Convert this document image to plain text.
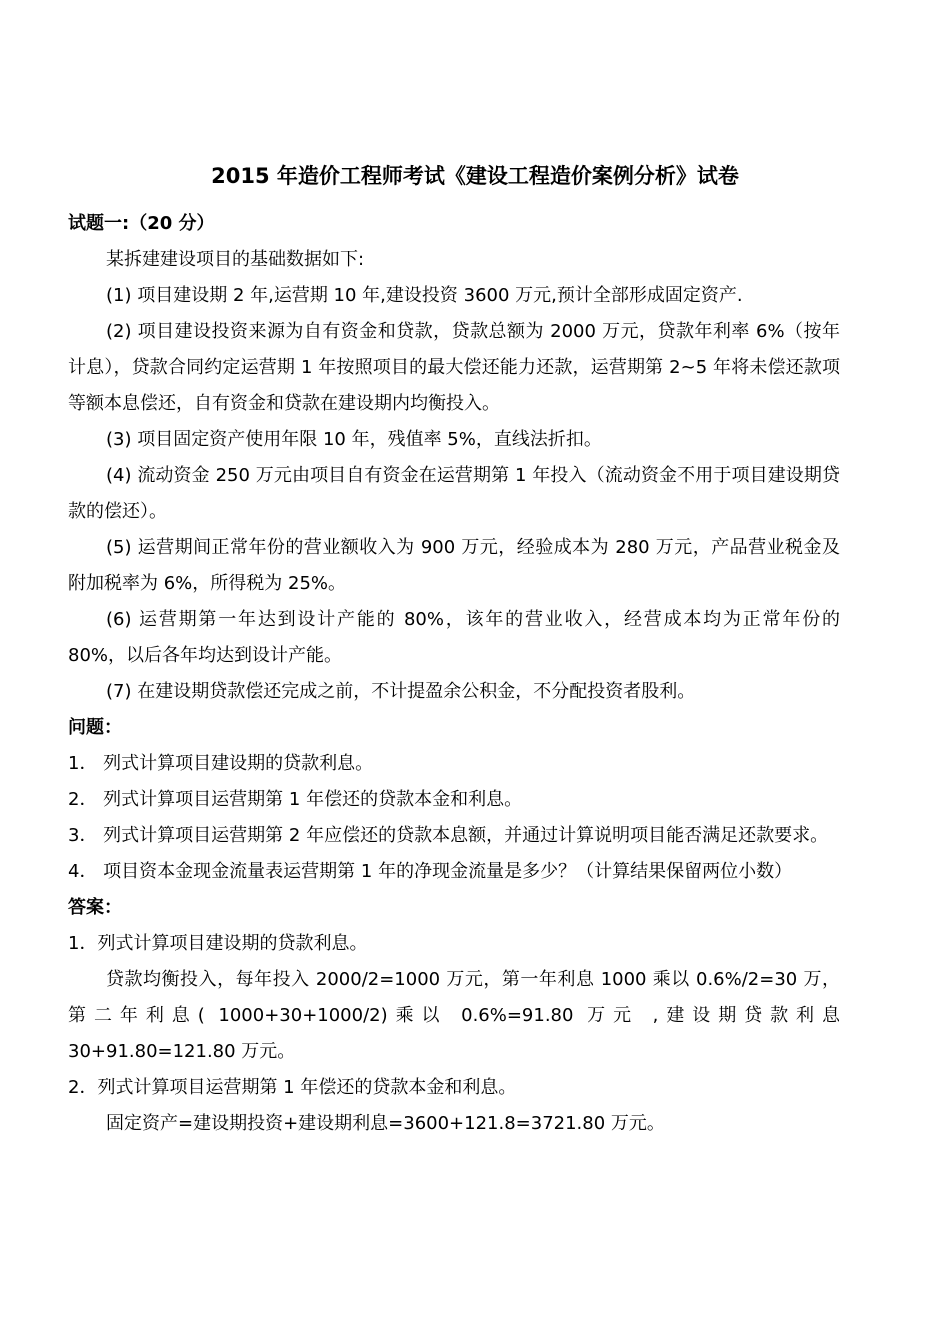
2015 年造价工程师考试《建设工程造价案例分析》试卷

试题一:（20 分）

某拆建建设项目的基础数据如下:

(1) 项目建设期 2 年,运营期 10 年,建设投资 3600 万元,预计全部形成固定资产.

(2) 项目建设投资来源为自有资金和贷款，贷款总额为 2000 万元，贷款年利率 6%（按年计息），贷款合同约定运营期 1 年按照项目的最大偿还能力还款，运营期第 2~5 年将未偿还款项等额本息偿还，自有资金和贷款在建设期内均衡投入。

(3) 项目固定资产使用年限 10 年，残值率 5%，直线法折扣。

(4) 流动资金 250 万元由项目自有资金在运营期第 1 年投入（流动资金不用于项目建设期贷款的偿还）。

(5) 运营期间正常年份的营业额收入为 900 万元，经验成本为 280 万元，产品营业税金及附加税率为 6%，所得税为 25%。

(6) 运营期第一年达到设计产能的 80%，该年的营业收入，经营成本均为正常年份的 80%，以后各年均达到设计产能。

(7) 在建设期贷款偿还完成之前，不计提盈余公积金，不分配投资者股利。

问题：

1． 列式计算项目建设期的贷款利息。

2． 列式计算项目运营期第 1 年偿还的贷款本金和利息。

3． 列式计算项目运营期第 2 年应偿还的贷款本息额，并通过计算说明项目能否满足还款要求。

4． 项目资本金现金流量表运营期第 1 年的净现金流量是多少？（计算结果保留两位小数）

答案：

1．列式计算项目建设期的贷款利息。

贷款均衡投入，每年投入 2000/2=1000 万元，第一年利息 1000 乘以 0.6%/2=30 万，第二年利息( 1000+30+1000/2)乘以 0.6%=91.80 万元 ,建设期贷款利息 30+91.80=121.80 万元。

2．列式计算项目运营期第 1 年偿还的贷款本金和利息。

固定资产=建设期投资+建设期利息=3600+121.8=3721.80 万元。
